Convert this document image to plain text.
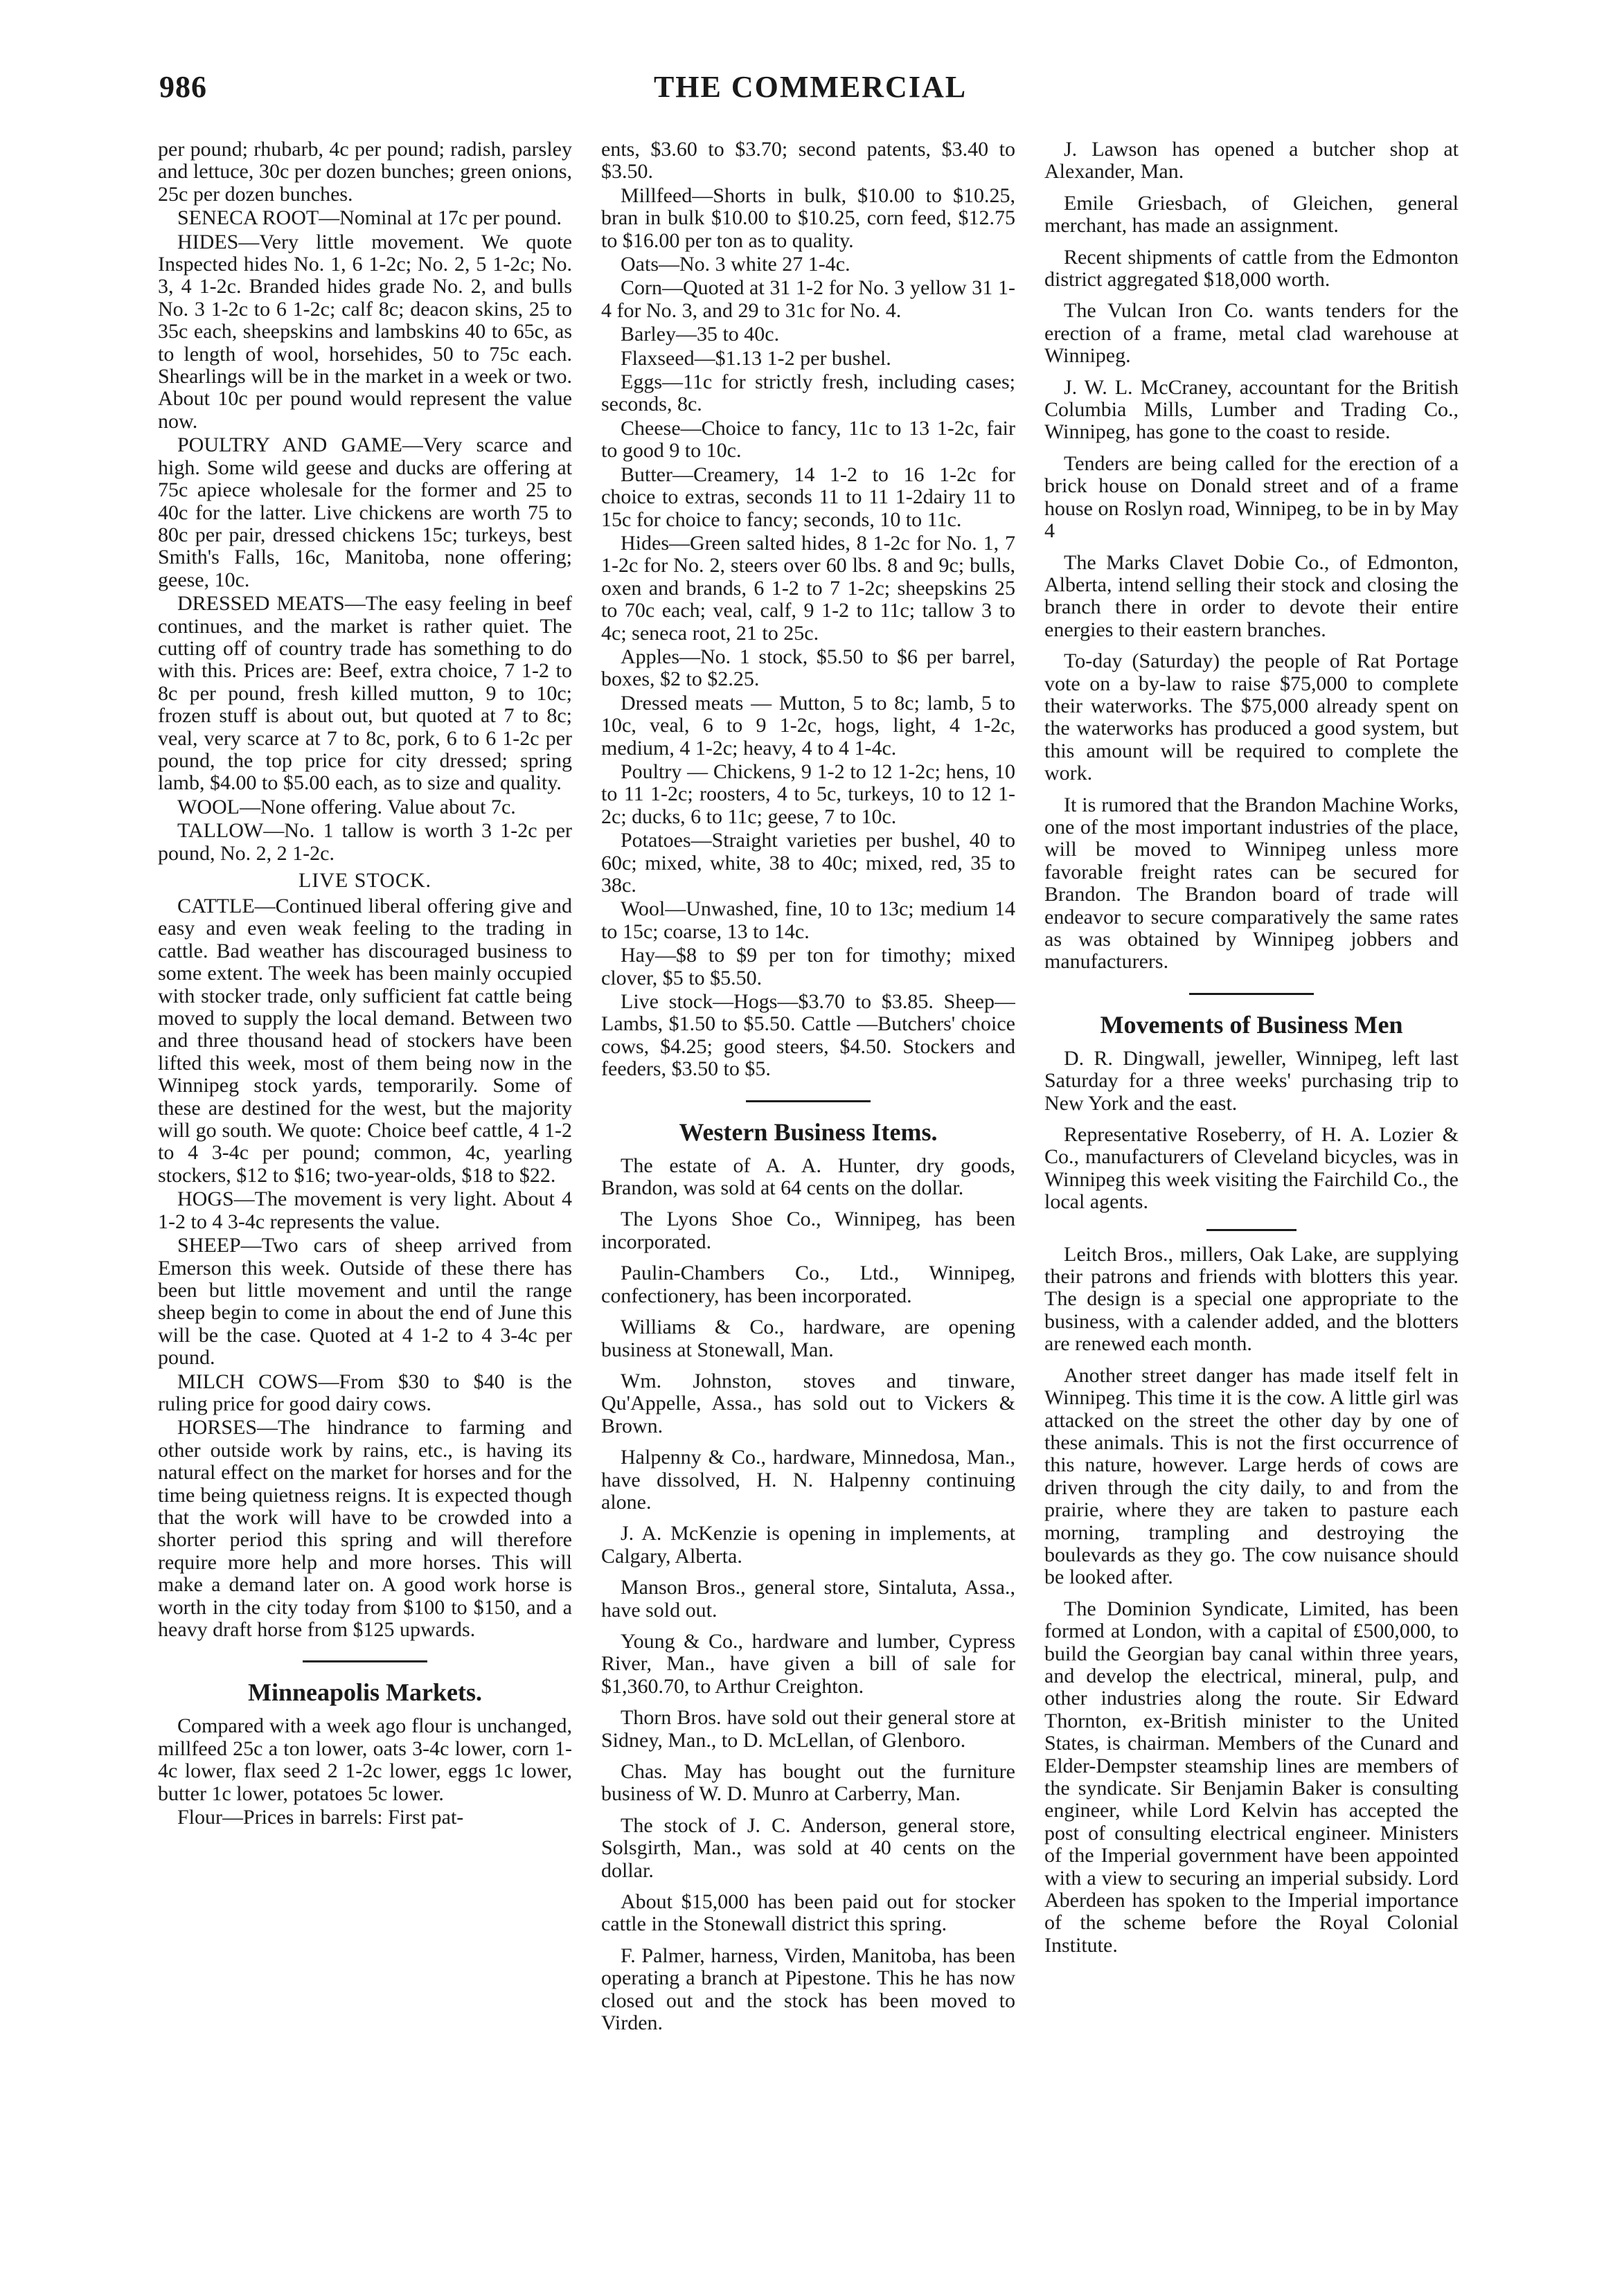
986	THE COMMERCIAL

per pound; rhubarb, 4c per pound; radish, parsley and lettuce, 30c per dozen bunches; green onions, 25c per dozen bunches.

SENECA ROOT—Nominal at 17c per pound.

HIDES—Very little movement. We quote Inspected hides No. 1, 6 1-2c; No. 2, 5 1-2c; No. 3, 4 1-2c. Branded hides grade No. 2, and bulls No. 3 1-2c to 6 1-2c; calf 8c; deacon skins, 25 to 35c each, sheepskins and lambskins 40 to 65c, as to length of wool, horsehides, 50 to 75c each. Shearlings will be in the market in a week or two. About 10c per pound would represent the value now.

POULTRY AND GAME—Very scarce and high. Some wild geese and ducks are offering at 75c apiece wholesale for the former and 25 to 40c for the latter. Live chickens are worth 75 to 80c per pair, dressed chickens 15c; turkeys, best Smith's Falls, 16c, Manitoba, none offering; geese, 10c.

DRESSED MEATS—The easy feeling in beef continues, and the market is rather quiet. The cutting off of country trade has something to do with this. Prices are: Beef, extra choice, 7 1-2 to 8c per pound, fresh killed mutton, 9 to 10c; frozen stuff is about out, but quoted at 7 to 8c; veal, very scarce at 7 to 8c, pork, 6 to 6 1-2c per pound, the top price for city dressed; spring lamb, $4.00 to $5.00 each, as to size and quality.

WOOL—None offering. Value about 7c.

TALLOW—No. 1 tallow is worth 3 1-2c per pound, No. 2, 2 1-2c.

LIVE STOCK.

CATTLE—Continued liberal offering give and easy and even weak feeling to the trading in cattle. Bad weather has discouraged business to some extent. The week has been mainly occupied with stocker trade, only sufficient fat cattle being moved to supply the local demand. Between two and three thousand head of stockers have been lifted this week, most of them being now in the Winnipeg stock yards, temporarily. Some of these are destined for the west, but the majority will go south. We quote: Choice beef cattle, 4 1-2 to 4 3-4c per pound; common, 4c, yearling stockers, $12 to $16; two-year-olds, $18 to $22.

HOGS—The movement is very light. About 4 1-2 to 4 3-4c represents the value.

SHEEP—Two cars of sheep arrived from Emerson this week. Outside of these there has been but little movement and until the range sheep begin to come in about the end of June this will be the case. Quoted at 4 1-2 to 4 3-4c per pound.

MILCH COWS—From $30 to $40 is the ruling price for good dairy cows.

HORSES—The hindrance to farming and other outside work by rains, etc., is having its natural effect on the market for horses and for the time being quietness reigns. It is expected though that the work will have to be crowded into a shorter period this spring and will therefore require more help and more horses. This will make a demand later on. A good work horse is worth in the city today from $100 to $150, and a heavy draft horse from $125 upwards.

Minneapolis Markets.

Compared with a week ago flour is unchanged, millfeed 25c a ton lower, oats 3-4c lower, corn 1-4c lower, flax seed 2 1-2c lower, eggs 1c lower, butter 1c lower, potatoes 5c lower.

Flour—Prices in barrels: First pat-

ents, $3.60 to $3.70; second patents, $3.40 to $3.50.

Millfeed—Shorts in bulk, $10.00 to $10.25, bran in bulk $10.00 to $10.25, corn feed, $12.75 to $16.00 per ton as to quality.

Oats—No. 3 white 27 1-4c.

Corn—Quoted at 31 1-2 for No. 3 yellow 31 1-4 for No. 3, and 29 to 31c for No. 4.

Barley—35 to 40c.

Flaxseed—$1.13 1-2 per bushel.

Eggs—11c for strictly fresh, including cases; seconds, 8c.

Cheese—Choice to fancy, 11c to 13 1-2c, fair to good 9 to 10c.

Butter—Creamery, 14 1-2 to 16 1-2c for choice to extras, seconds 11 to 11 1-2dairy 11 to 15c for choice to fancy; seconds, 10 to 11c.

Hides—Green salted hides, 8 1-2c for No. 1, 7 1-2c for No. 2, steers over 60 lbs. 8 and 9c; bulls, oxen and brands, 6 1-2 to 7 1-2c; sheepskins 25 to 70c each; veal, calf, 9 1-2 to 11c; tallow 3 to 4c; seneca root, 21 to 25c.

Apples—No. 1 stock, $5.50 to $6 per barrel, boxes, $2 to $2.25.

Dressed meats — Mutton, 5 to 8c; lamb, 5 to 10c, veal, 6 to 9 1-2c, hogs, light, 4 1-2c, medium, 4 1-2c; heavy, 4 to 4 1-4c.

Poultry — Chickens, 9 1-2 to 12 1-2c; hens, 10 to 11 1-2c; roosters, 4 to 5c, turkeys, 10 to 12 1-2c; ducks, 6 to 11c; geese, 7 to 10c.

Potatoes—Straight varieties per bushel, 40 to 60c; mixed, white, 38 to 40c; mixed, red, 35 to 38c.

Wool—Unwashed, fine, 10 to 13c; medium 14 to 15c; coarse, 13 to 14c.

Hay—$8 to $9 per ton for timothy; mixed clover, $5 to $5.50.

Live stock—Hogs—$3.70 to $3.85. Sheep—Lambs, $1.50 to $5.50. Cattle —Butchers' choice cows, $4.25; good steers, $4.50. Stockers and feeders, $3.50 to $5.

Western Business Items.

The estate of A. A. Hunter, dry goods, Brandon, was sold at 64 cents on the dollar.

The Lyons Shoe Co., Winnipeg, has been incorporated.

Paulin-Chambers Co., Ltd., Winnipeg, confectionery, has been incorporated.

Williams & Co., hardware, are opening business at Stonewall, Man.

Wm. Johnston, stoves and tinware, Qu'Appelle, Assa., has sold out to Vickers & Brown.

Halpenny & Co., hardware, Minnedosa, Man., have dissolved, H. N. Halpenny continuing alone.

J. A. McKenzie is opening in implements, at Calgary, Alberta.

Manson Bros., general store, Sintaluta, Assa., have sold out.

Young & Co., hardware and lumber, Cypress River, Man., have given a bill of sale for $1,360.70, to Arthur Creighton.

Thorn Bros. have sold out their general store at Sidney, Man., to D. McLellan, of Glenboro.

Chas. May has bought out the furniture business of W. D. Munro at Carberry, Man.

The stock of J. C. Anderson, general store, Solsgirth, Man., was sold at 40 cents on the dollar.

About $15,000 has been paid out for stocker cattle in the Stonewall district this spring.

F. Palmer, harness, Virden, Manitoba, has been operating a branch at Pipestone. This he has now closed out and the stock has been moved to Virden.

J. Lawson has opened a butcher shop at Alexander, Man.

Emile Griesbach, of Gleichen, general merchant, has made an assignment.

Recent shipments of cattle from the Edmonton district aggregated $18,000 worth.

The Vulcan Iron Co. wants tenders for the erection of a frame, metal clad warehouse at Winnipeg.

J. W. L. McCraney, accountant for the British Columbia Mills, Lumber and Trading Co., Winnipeg, has gone to the coast to reside.

Tenders are being called for the erection of a brick house on Donald street and of a frame house on Roslyn road, Winnipeg, to be in by May 4

The Marks Clavet Dobie Co., of Edmonton, Alberta, intend selling their stock and closing the branch there in order to devote their entire energies to their eastern branches.

To-day (Saturday) the people of Rat Portage vote on a by-law to raise $75,000 to complete their waterworks. The $75,000 already spent on the waterworks has produced a good system, but this amount will be required to complete the work.

It is rumored that the Brandon Machine Works, one of the most important industries of the place, will be moved to Winnipeg unless more favorable freight rates can be secured for Brandon. The Brandon board of trade will endeavor to secure comparatively the same rates as was obtained by Winnipeg jobbers and manufacturers.

Movements of Business Men

D. R. Dingwall, jeweller, Winnipeg, left last Saturday for a three weeks' purchasing trip to New York and the east.

Representative Roseberry, of H. A. Lozier & Co., manufacturers of Cleveland bicycles, was in Winnipeg this week visiting the Fairchild Co., the local agents.

Leitch Bros., millers, Oak Lake, are supplying their patrons and friends with blotters this year. The design is a special one appropriate to the business, with a calender added, and the blotters are renewed each month.

Another street danger has made itself felt in Winnipeg. This time it is the cow. A little girl was attacked on the street the other day by one of these animals. This is not the first occurrence of this nature, however. Large herds of cows are driven through the city daily, to and from the prairie, where they are taken to pasture each morning, trampling and destroying the boulevards as they go. The cow nuisance should be looked after.

The Dominion Syndicate, Limited, has been formed at London, with a capital of £500,000, to build the Georgian bay canal within three years, and develop the electrical, mineral, pulp, and other industries along the route. Sir Edward Thornton, ex-British minister to the United States, is chairman. Members of the Cunard and Elder-Dempster steamship lines are members of the syndicate. Sir Benjamin Baker is consulting engineer, while Lord Kelvin has accepted the post of consulting electrical engineer. Ministers of the Imperial government have been appointed with a view to securing an imperial subsidy. Lord Aberdeen has spoken to the Imperial importance of the scheme before the Royal Colonial Institute.
